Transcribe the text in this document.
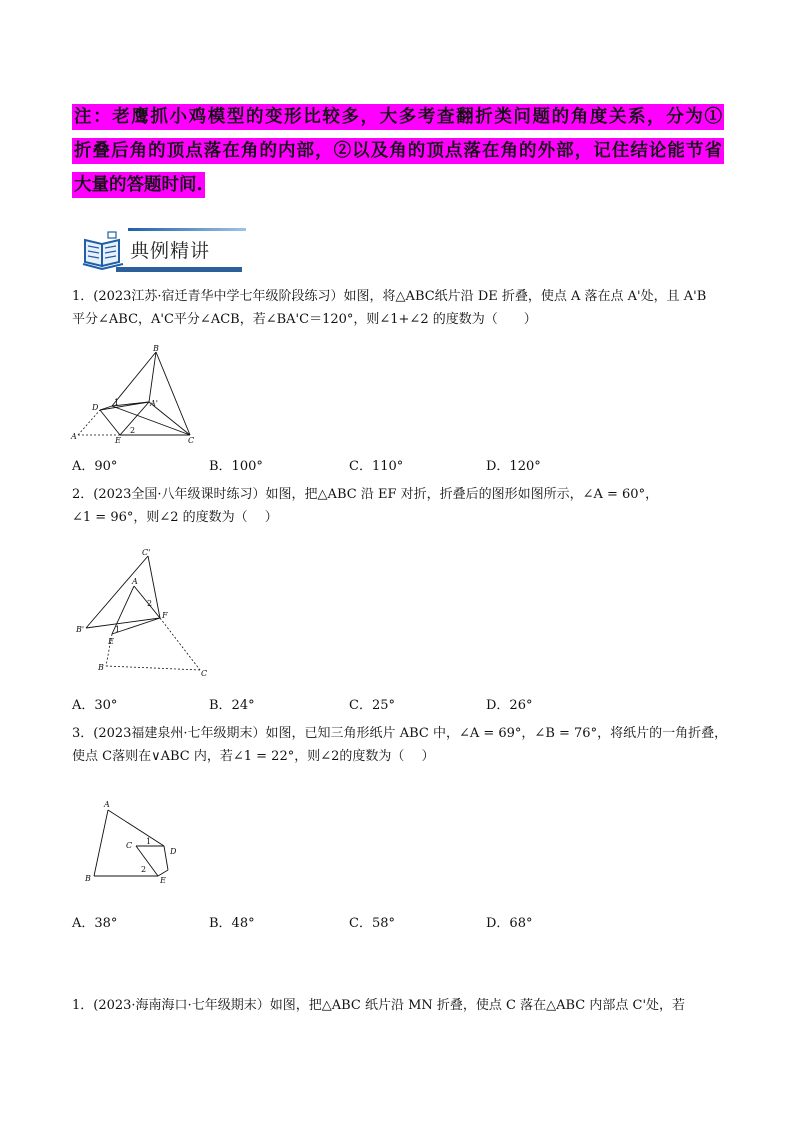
注：老鹰抓小鸡模型的变形比较多，大多考查翻折类问题的角度关系，分为①
折叠后角的顶点落在角的内部，②以及角的顶点落在角的外部，记住结论能节省
大量的答题时间.
典例精讲
1．(2023江苏·宿迁青华中学七年级阶段练习）如图，将△ABC纸片沿 DE 折叠，使点 A 落在点 A'处，且 A'B
平分∠ABC，A'C平分∠ACB，若∠BA'C＝120°，则∠1+∠2 的度数为（　　）
B
D
1	A'
A	E
2
C
A．90°	B．100°	C．110°	D．120°
2．(2023全国·八年级课时练习）如图，把△ABC 沿 EF 对折，折叠后的图形如图所示，∠A = 60°，
∠1 = 96°，则∠2 的度数为（　 ）
C'
A
2
F
B'	1
E
B
C
A．30°	B．24°	C．25°	D．26°
3．(2023福建泉州·七年级期末）如图，已知三角形纸片 ABC 中，∠A = 69°，∠B = 76°，将纸片的一角折叠，
使点 C落则在∨ABC 内，若∠1 = 22°，则∠2的度数为（　 ）
A
C 1
D
2
B	E
A．38°	B．48°	C．58°	D．68°
1．(2023·海南海口·七年级期末）如图，把△ABC 纸片沿 MN 折叠，使点 C 落在△ABC 内部点 C'处，若
